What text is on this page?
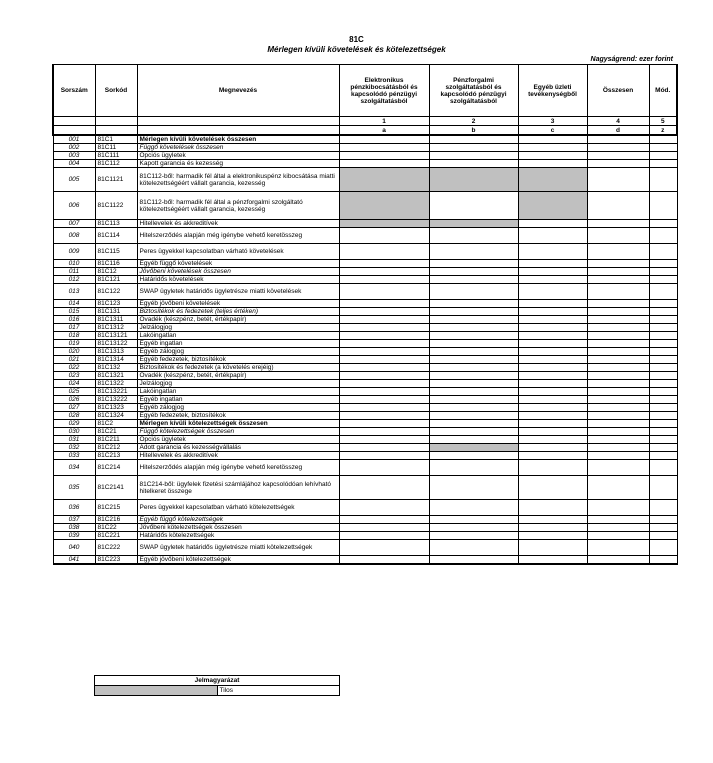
81C
Mérlegen kívüli követelések és kötelezettségek
Nagyságrend: ezer forint
Sorszám	Sorkód	Megnevezés	Elektronikus pénzkibocsátásból és kapcsolódó pénzügyi szolgáltatásból	Pénzforgalmi szolgáltatásból és kapcsolódó pénzügyi szolgáltatásból	Egyéb üzleti tevékenységből	Összesen	Mód.
			1	2	3	4	5
			a	b	c	d	z
001	81C1	Mérlegen kívüli követelések összesen					
002	81C11	Függő követelések összesen					
003	81C111	Opciós ügyletek					
004	81C112	Kapott garancia és kezesség					
005	81C1121	81C112-ből: harmadik fél által a elektronikuspénz kibocsátása miatti kötelezettségéért vállalt garancia, kezesség					
006	81C1122	81C112-ből: harmadik fél által a pénzforgalmi szolgáltató kötelezettségéért vállalt garancia, kezesség					
007	81C113	Hitellevelek és akkreditívek					
008	81C114	Hitelszerződés alapján még igénybe vehető keretösszeg					
009	81C115	Peres ügyekkel kapcsolatban várható követelések					
010	81C116	Egyéb függő követelések					
011	81C12	Jövőbeni követelések összesen					
012	81C121	Határidős követelések					
013	81C122	SWAP ügyletek határidős ügyletrésze miatti követelések					
014	81C123	Egyéb jövőbeni követelések					
015	81C131	Biztosítékok és fedezetek (teljes értéken)					
016	81C1311	Óvadék (készpénz, betét, értékpapír)					
017	81C1312	Jelzálogjog					
018	81C13121	Lakóingatlan					
019	81C13122	Egyéb ingatlan					
020	81C1313	Egyéb zálogjog					
021	81C1314	Egyéb fedezetek, biztosítékok					
022	81C132	Biztosítékok és fedezetek (a követelés erejéig)					
023	81C1321	Óvadék (készpénz, betét, értékpapír)					
024	81C1322	Jelzálogjog					
025	81C13221	Lakóingatlan					
026	81C13222	Egyéb ingatlan					
027	81C1323	Egyéb zálogjog					
028	81C1324	Egyéb fedezetek, biztosítékok					
029	81C2	Mérlegen kívüli kötelezettségek összesen					
030	81C21	Függő kötelezettségek összesen					
031	81C211	Opciós ügyletek					
032	81C212	Adott garancia és kezességvállalás					
033	81C213	Hitellevelek és akkreditívek					
034	81C214	Hitelszerződés alapján még igénybe vehető keretösszeg					
035	81C2141	81C214-ből: ügyfelek fizetési számlájához kapcsolódóan lehívható hitelkeret összege					
036	81C215	Peres ügyekkel kapcsolatban várható kötelezettségek					
037	81C216	Egyéb függő kötelezettségek					
038	81C22	Jövőbeni kötelezettségek összesen					
039	81C221	Határidős kötelezettségek					
040	81C222	SWAP ügyletek határidős ügyletrésze miatti kötelezettségek					
041	81C223	Egyéb jövőbeni kötelezettségek					
Jelmagyarázat
	Tilos
